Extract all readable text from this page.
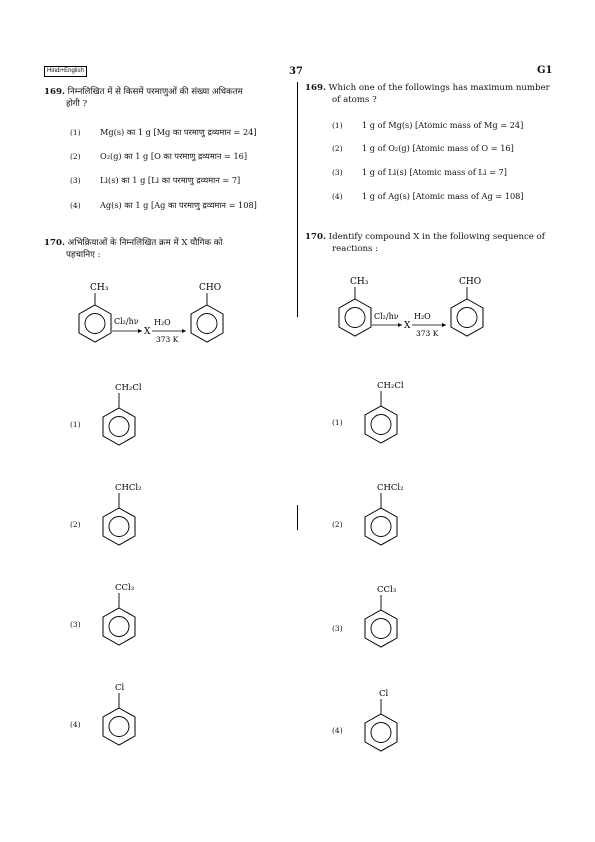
Hindi+English	37	G1
169. निम्नलिखित में से किसमें परमाणुओं की संख्या अधिकतम
होगी ?
(1) Mg(s) का 1 g [Mg का परमाणु द्रव्यमान = 24]
(2) O₂(g) का 1 g [O का परमाणु द्रव्यमान = 16]
(3) Li(s) का 1 g [Li का परमाणु द्रव्यमान = 7]
(4) Ag(s) का 1 g [Ag का परमाणु द्रव्यमान = 108]
169. Which one of the followings has maximum number
of atoms ?
(1) 1 g of Mg(s) [Atomic mass of Mg = 24]
(2) 1 g of O₂(g) [Atomic mass of O = 16]
(3) 1 g of Li(s) [Atomic mass of Li = 7]
(4) 1 g of Ag(s) [Atomic mass of Ag = 108]
170. अभिक्रियाओं के निम्नलिखित क्रम में X यौगिक को
पहचानिए :
170. Identify compound X in the following sequence of
reactions :
CH₃
Cl₂/hν
X
H₂O
373 K
CHO
CH₃
Cl₂/hν
X
H₂O
373 K
CHO
(1)
CH₂Cl
(2)
CHCl₂
(3)
CCl₃
(4)
Cl
(1)
CH₂Cl
(2)
CHCl₂
(3)
CCl₃
(4)
Cl
